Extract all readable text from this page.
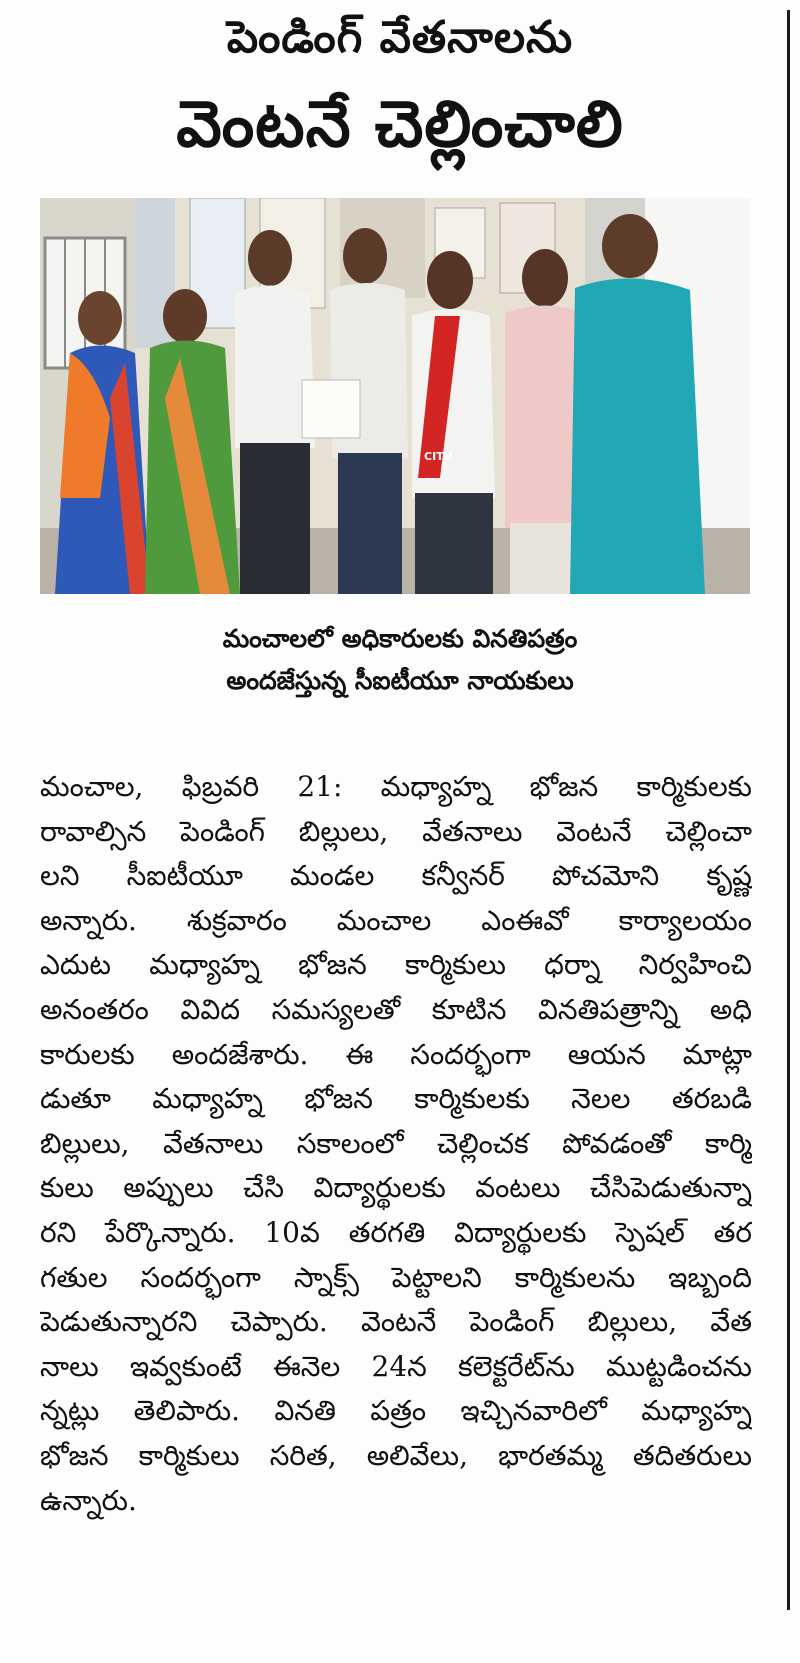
పెండింగ్ వేతనాలను
వెంటనే చెల్లించాలి
CITU
మంచాలలో అధికారులకు వినతిపత్రం
అందజేస్తున్న సీఐటీయూ నాయకులు
మంచాల, ఫిబ్రవరి 21: మధ్యాహ్న భోజన కార్మికులకు
రావాల్సిన పెండింగ్ బిల్లులు, వేతనాలు వెంటనే చెల్లించా
లని సీఐటీయూ మండల కన్వీనర్ పోచమోని కృష్ణ
అన్నారు. శుక్రవారం మంచాల ఎంఈవో కార్యాలయం
ఎదుట మధ్యాహ్న భోజన కార్మికులు ధర్నా నిర్వహించి
అనంతరం వివిద సమస్యలతో కూటిన వినతిపత్రాన్ని అధి
కారులకు అందజేశారు. ఈ సందర్భంగా ఆయన మాట్లా
డుతూ మధ్యాహ్న భోజన కార్మికులకు నెలల తరబడి
బిల్లులు, వేతనాలు సకాలంలో చెల్లించక పోవడంతో కార్మి
కులు అప్పులు చేసి విద్యార్థులకు వంటలు చేసిపెడుతున్నా
రని పేర్కొన్నారు. 10వ తరగతి విద్యార్థులకు స్పెషల్ తర
గతుల సందర్భంగా స్నాక్స్ పెట్టాలని కార్మికులను ఇబ్బంది
పెడుతున్నారని చెప్పారు. వెంటనే పెండింగ్ బిల్లులు, వేత
నాలు ఇవ్వకుంటే ఈనెల 24న కలెక్టరేట్‌ను ముట్టడించను
న్నట్లు తెలిపారు. వినతి పత్రం ఇచ్చినవారిలో మధ్యాహ్న
భోజన కార్మికులు సరిత, అలివేలు, భారతమ్మ తదితరులు
ఉన్నారు.
